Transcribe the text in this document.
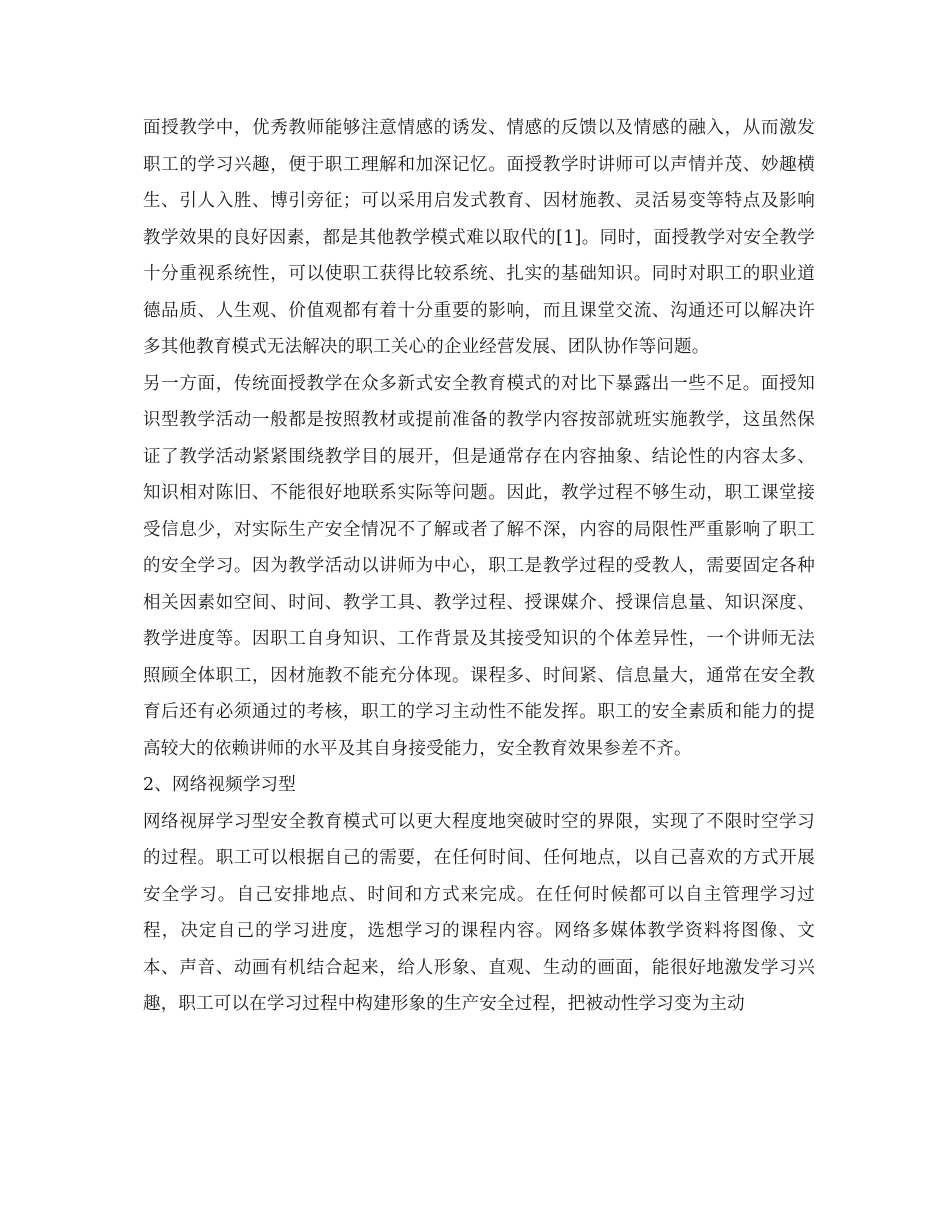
面授教学中，优秀教师能够注意情感的诱发、情感的反馈以及情感的融入，从而激发职工的学习兴趣，便于职工理解和加深记忆。面授教学时讲师可以声情并茂、妙趣横生、引人入胜、博引旁征；可以采用启发式教育、因材施教、灵活易变等特点及影响教学效果的良好因素，都是其他教学模式难以取代的[1]。同时，面授教学对安全教学十分重视系统性，可以使职工获得比较系统、扎实的基础知识。同时对职工的职业道德品质、人生观、价值观都有着十分重要的影响，而且课堂交流、沟通还可以解决许多其他教育模式无法解决的职工关心的企业经营发展、团队协作等问题。

另一方面，传统面授教学在众多新式安全教育模式的对比下暴露出一些不足。面授知识型教学活动一般都是按照教材或提前准备的教学内容按部就班实施教学，这虽然保证了教学活动紧紧围绕教学目的展开，但是通常存在内容抽象、结论性的内容太多、知识相对陈旧、不能很好地联系实际等问题。因此，教学过程不够生动，职工课堂接受信息少，对实际生产安全情况不了解或者了解不深，内容的局限性严重影响了职工的安全学习。因为教学活动以讲师为中心，职工是教学过程的受教人，需要固定各种相关因素如空间、时间、教学工具、教学过程、授课媒介、授课信息量、知识深度、教学进度等。因职工自身知识、工作背景及其接受知识的个体差异性，一个讲师无法照顾全体职工，因材施教不能充分体现。课程多、时间紧、信息量大，通常在安全教育后还有必须通过的考核，职工的学习主动性不能发挥。职工的安全素质和能力的提高较大的依赖讲师的水平及其自身接受能力，安全教育效果参差不齐。

2、网络视频学习型

网络视屏学习型安全教育模式可以更大程度地突破时空的界限，实现了不限时空学习的过程。职工可以根据自己的需要，在任何时间、任何地点，以自己喜欢的方式开展安全学习。自己安排地点、时间和方式来完成。在任何时候都可以自主管理学习过程，决定自己的学习进度，选想学习的课程内容。网络多媒体教学资料将图像、文本、声音、动画有机结合起来，给人形象、直观、生动的画面，能很好地激发学习兴趣，职工可以在学习过程中构建形象的生产安全过程，把被动性学习变为主动
